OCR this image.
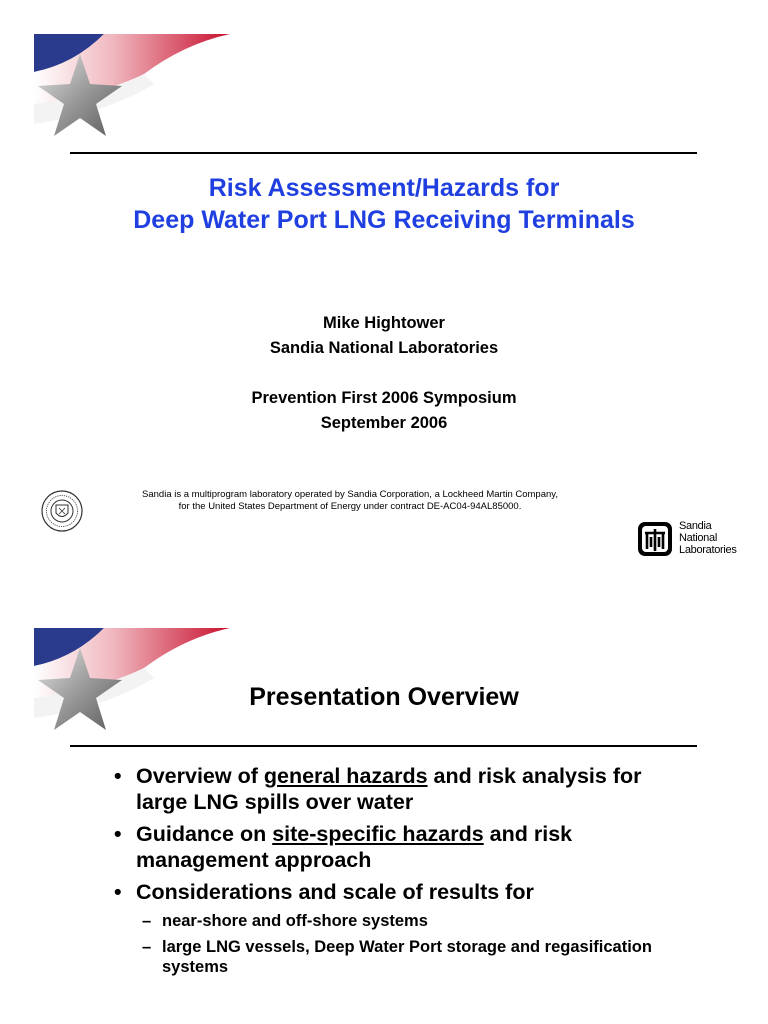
Risk Assessment/Hazards for
Deep Water Port LNG Receiving Terminals
Mike Hightower
Sandia National Laboratories
Prevention First 2006 Symposium
September 2006
Sandia is a multiprogram laboratory operated by Sandia Corporation, a Lockheed Martin Company,
for the United States Department of Energy under contract DE-AC04-94AL85000.
Sandia
National
Laboratories
Presentation Overview
• Overview of general hazards and risk analysis for large LNG spills over water
• Guidance on site-specific hazards and risk management approach
• Considerations and scale of results for
– near-shore and off-shore systems
– large LNG vessels, Deep Water Port storage and regasification systems
